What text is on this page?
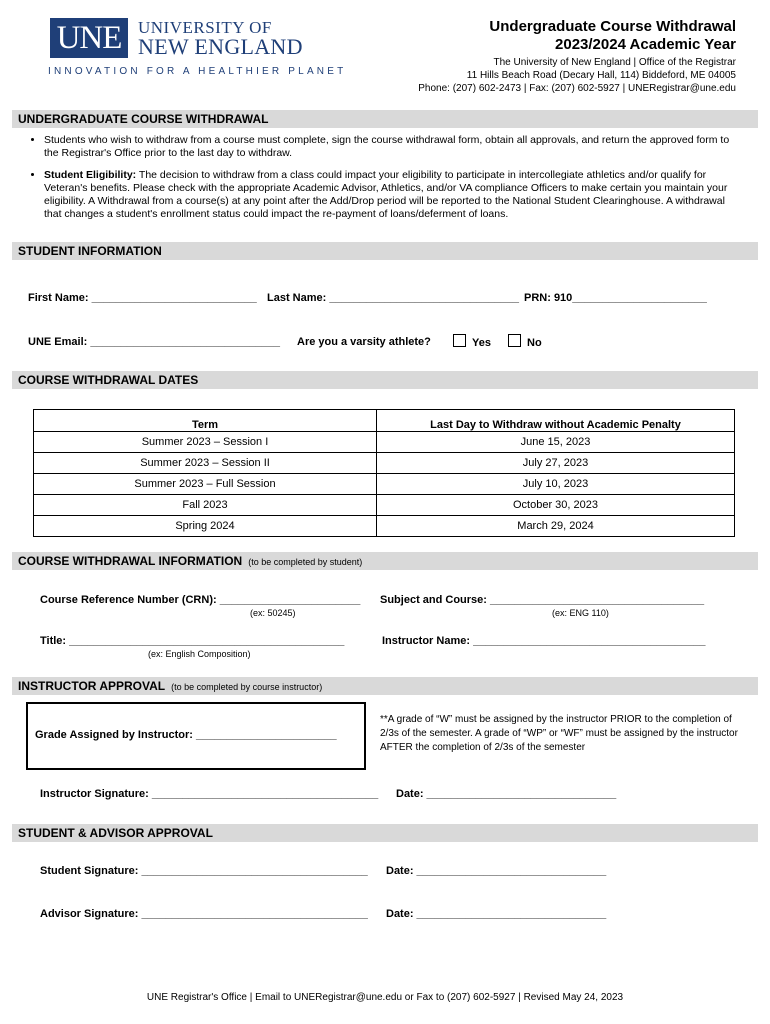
UNE UNIVERSITY OF
NEW ENGLAND
INNOVATION FOR A HEALTHIER PLANET
Undergraduate Course Withdrawal
2023/2024 Academic Year
The University of New England | Office of the Registrar
11 Hills Beach Road (Decary Hall, 114) Biddeford, ME 04005
Phone: (207) 602-2473 | Fax: (207) 602-5927 | UNERegistrar@une.edu
UNDERGRADUATE COURSE WITHDRAWAL
• Students who wish to withdraw from a course must complete, sign the course withdrawal form, obtain all approvals, and return the approved form to the Registrar's Office prior to the last day to withdraw.
• Student Eligibility: The decision to withdraw from a class could impact your eligibility to participate in intercollegiate athletics and/or qualify for Veteran's benefits. Please check with the appropriate Academic Advisor, Athletics, and/or VA compliance Officers to make certain you maintain your eligibility. A Withdrawal from a course(s) at any point after the Add/Drop period will be reported to the National Student Clearinghouse. A withdrawal that changes a student's enrollment status could impact the re-payment of loans/deferment of loans.
STUDENT INFORMATION
First Name: ___________________________ Last Name: _______________________________ PRN: 910______________________
UNE Email: _______________________________ Are you a varsity athlete?	Yes	No
COURSE WITHDRAWAL DATES
Term	Last Day to Withdraw without Academic Penalty
Summer 2023 – Session I	June 15, 2023
Summer 2023 – Session II	July 27, 2023
Summer 2023 – Full Session	July 10, 2023
Fall 2023	October 30, 2023
Spring 2024	March 29, 2024
COURSE WITHDRAWAL INFORMATION (to be completed by student)
Course Reference Number (CRN): _______________________
(ex: 50245)
Subject and Course: ___________________________________
(ex: ENG 110)
Title: _____________________________________________
(ex: English Composition)
Instructor Name: ______________________________________
INSTRUCTOR APPROVAL (to be completed by course instructor)
Grade Assigned by Instructor: _______________________
**A grade of “W” must be assigned by the instructor PRIOR to the completion of 2/3s of the semester. A grade of “WP” or “WF” must be assigned by the instructor AFTER the completion of 2/3s of the semester
Instructor Signature: _____________________________________ Date: _______________________________
STUDENT & ADVISOR APPROVAL
Student Signature: _____________________________________ Date: _______________________________
Advisor Signature: _____________________________________ Date: _______________________________
UNE Registrar's Office | Email to UNERegistrar@une.edu or Fax to (207) 602-5927 | Revised May 24, 2023
